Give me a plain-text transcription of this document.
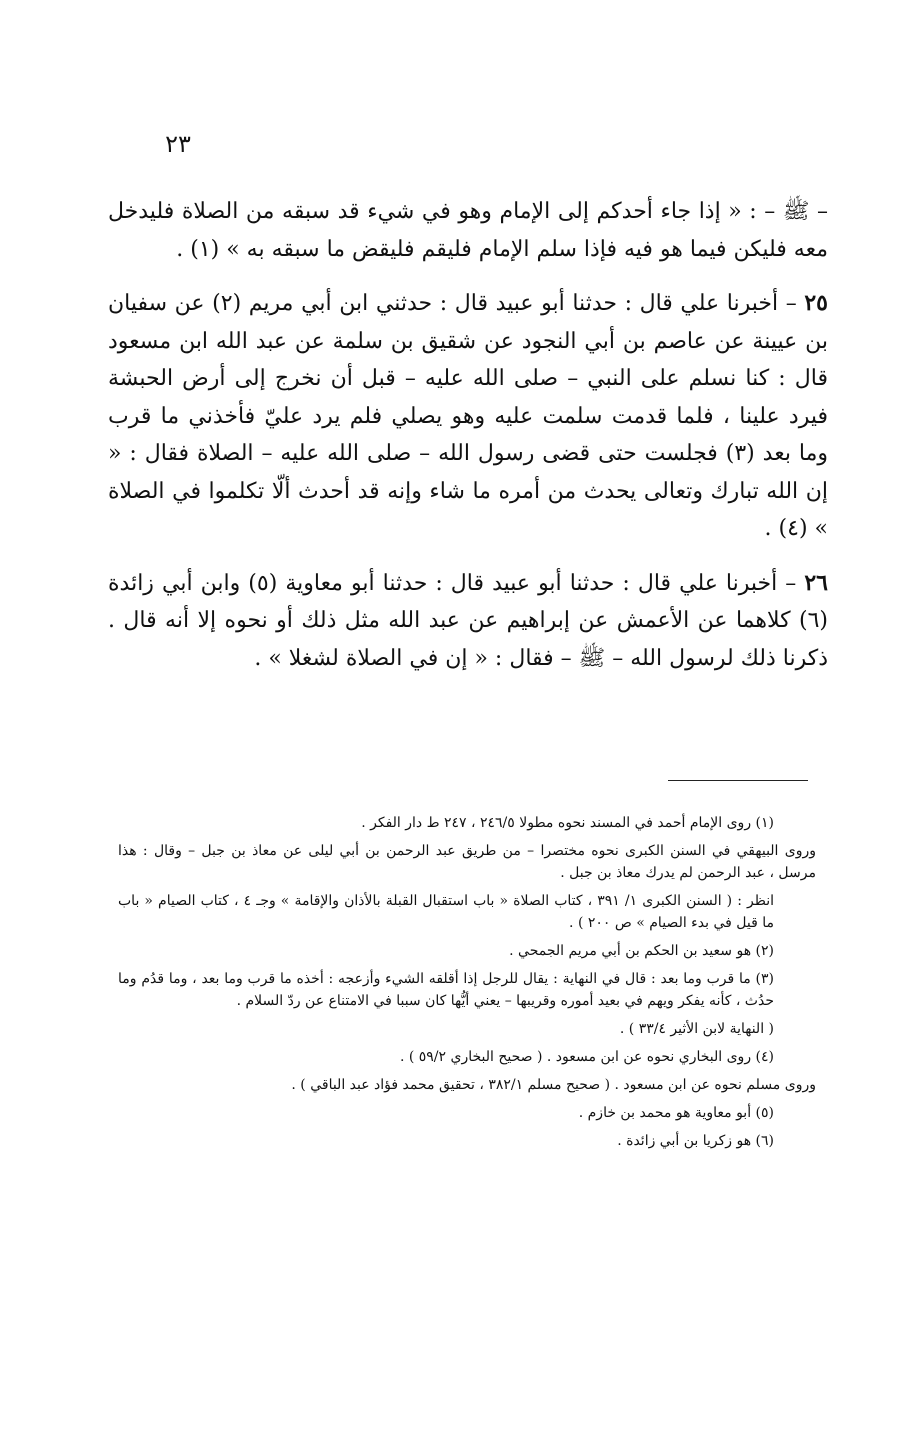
٢٣

– ﷺ – : « إذا جاء أحدكم إلى الإمام وهو في شيء قد سبقه من الصلاة فليدخل معه فليكن فيما هو فيه فإذا سلم الإمام فليقم فليقض ما سبقه به » (١) .

٢٥ – أخبرنا علي قال : حدثنا أبو عبيد قال : حدثني ابن أبي مريم (٢) عن سفيان بن عيينة عن عاصم بن أبي النجود عن شقيق بن سلمة عن عبد الله ابن مسعود قال : كنا نسلم على النبي – صلى الله عليه – قبل أن نخرج إلى أرض الحبشة فيرد علينا ، فلما قدمت سلمت عليه وهو يصلي فلم يرد عليّ فأخذني ما قرب وما بعد (٣) فجلست حتى قضى رسول الله – صلى الله عليه – الصلاة فقال : « إن الله تبارك وتعالى يحدث من أمره ما شاء وإنه قد أحدث ألّا تكلموا في الصلاة » (٤) .

٢٦ – أخبرنا علي قال : حدثنا أبو عبيد قال : حدثنا أبو معاوية (٥) وابن أبي زائدة (٦) كلاهما عن الأعمش عن إبراهيم عن عبد الله مثل ذلك أو نحوه إلا أنه قال . ذكرنا ذلك لرسول الله – ﷺ – فقال : « إن في الصلاة لشغلا » .

(١) روى الإمام أحمد في المسند نحوه مطولا ٢٤٦/٥ ، ٢٤٧ ط دار الفكر .

وروى البيهقي في السنن الكبرى نحوه مختصرا – من طريق عبد الرحمن بن أبي ليلى عن معاذ بن جبل – وقال : هذا مرسل ، عبد الرحمن لم يدرك معاذ بن جبل .

انظر : ( السنن الكبرى ١/ ٣٩١ ، كتاب الصلاة « باب استقبال القبلة بالأذان والإقامة » وجـ ٤ ، كتاب الصيام « باب ما قيل في بدء الصيام » ص ٢٠٠ ) .

(٢) هو سعيد بن الحكم بن أبي مريم الجمحي .

(٣) ما قرب وما بعد : قال في النهاية : يقال للرجل إذا أقلقه الشيء وأزعجه : أخذه ما قرب وما بعد ، وما قدُم وما حدُث ، كأنه يفكر ويهم في بعيد أموره وقريبها – يعني أيُّها كان سببا في الامتناع عن ردّ السلام .

( النهاية لابن الأثير ٣٣/٤ ) .

(٤) روى البخاري نحوه عن ابن مسعود . ( صحيح البخاري ٥٩/٢ ) .

وروى مسلم نحوه عن ابن مسعود . ( صحيح مسلم ٣٨٢/١ ، تحقيق محمد فؤاد عبد الباقي ) .

(٥) أبو معاوية هو محمد بن خازم .

(٦) هو زكريا بن أبي زائدة .
